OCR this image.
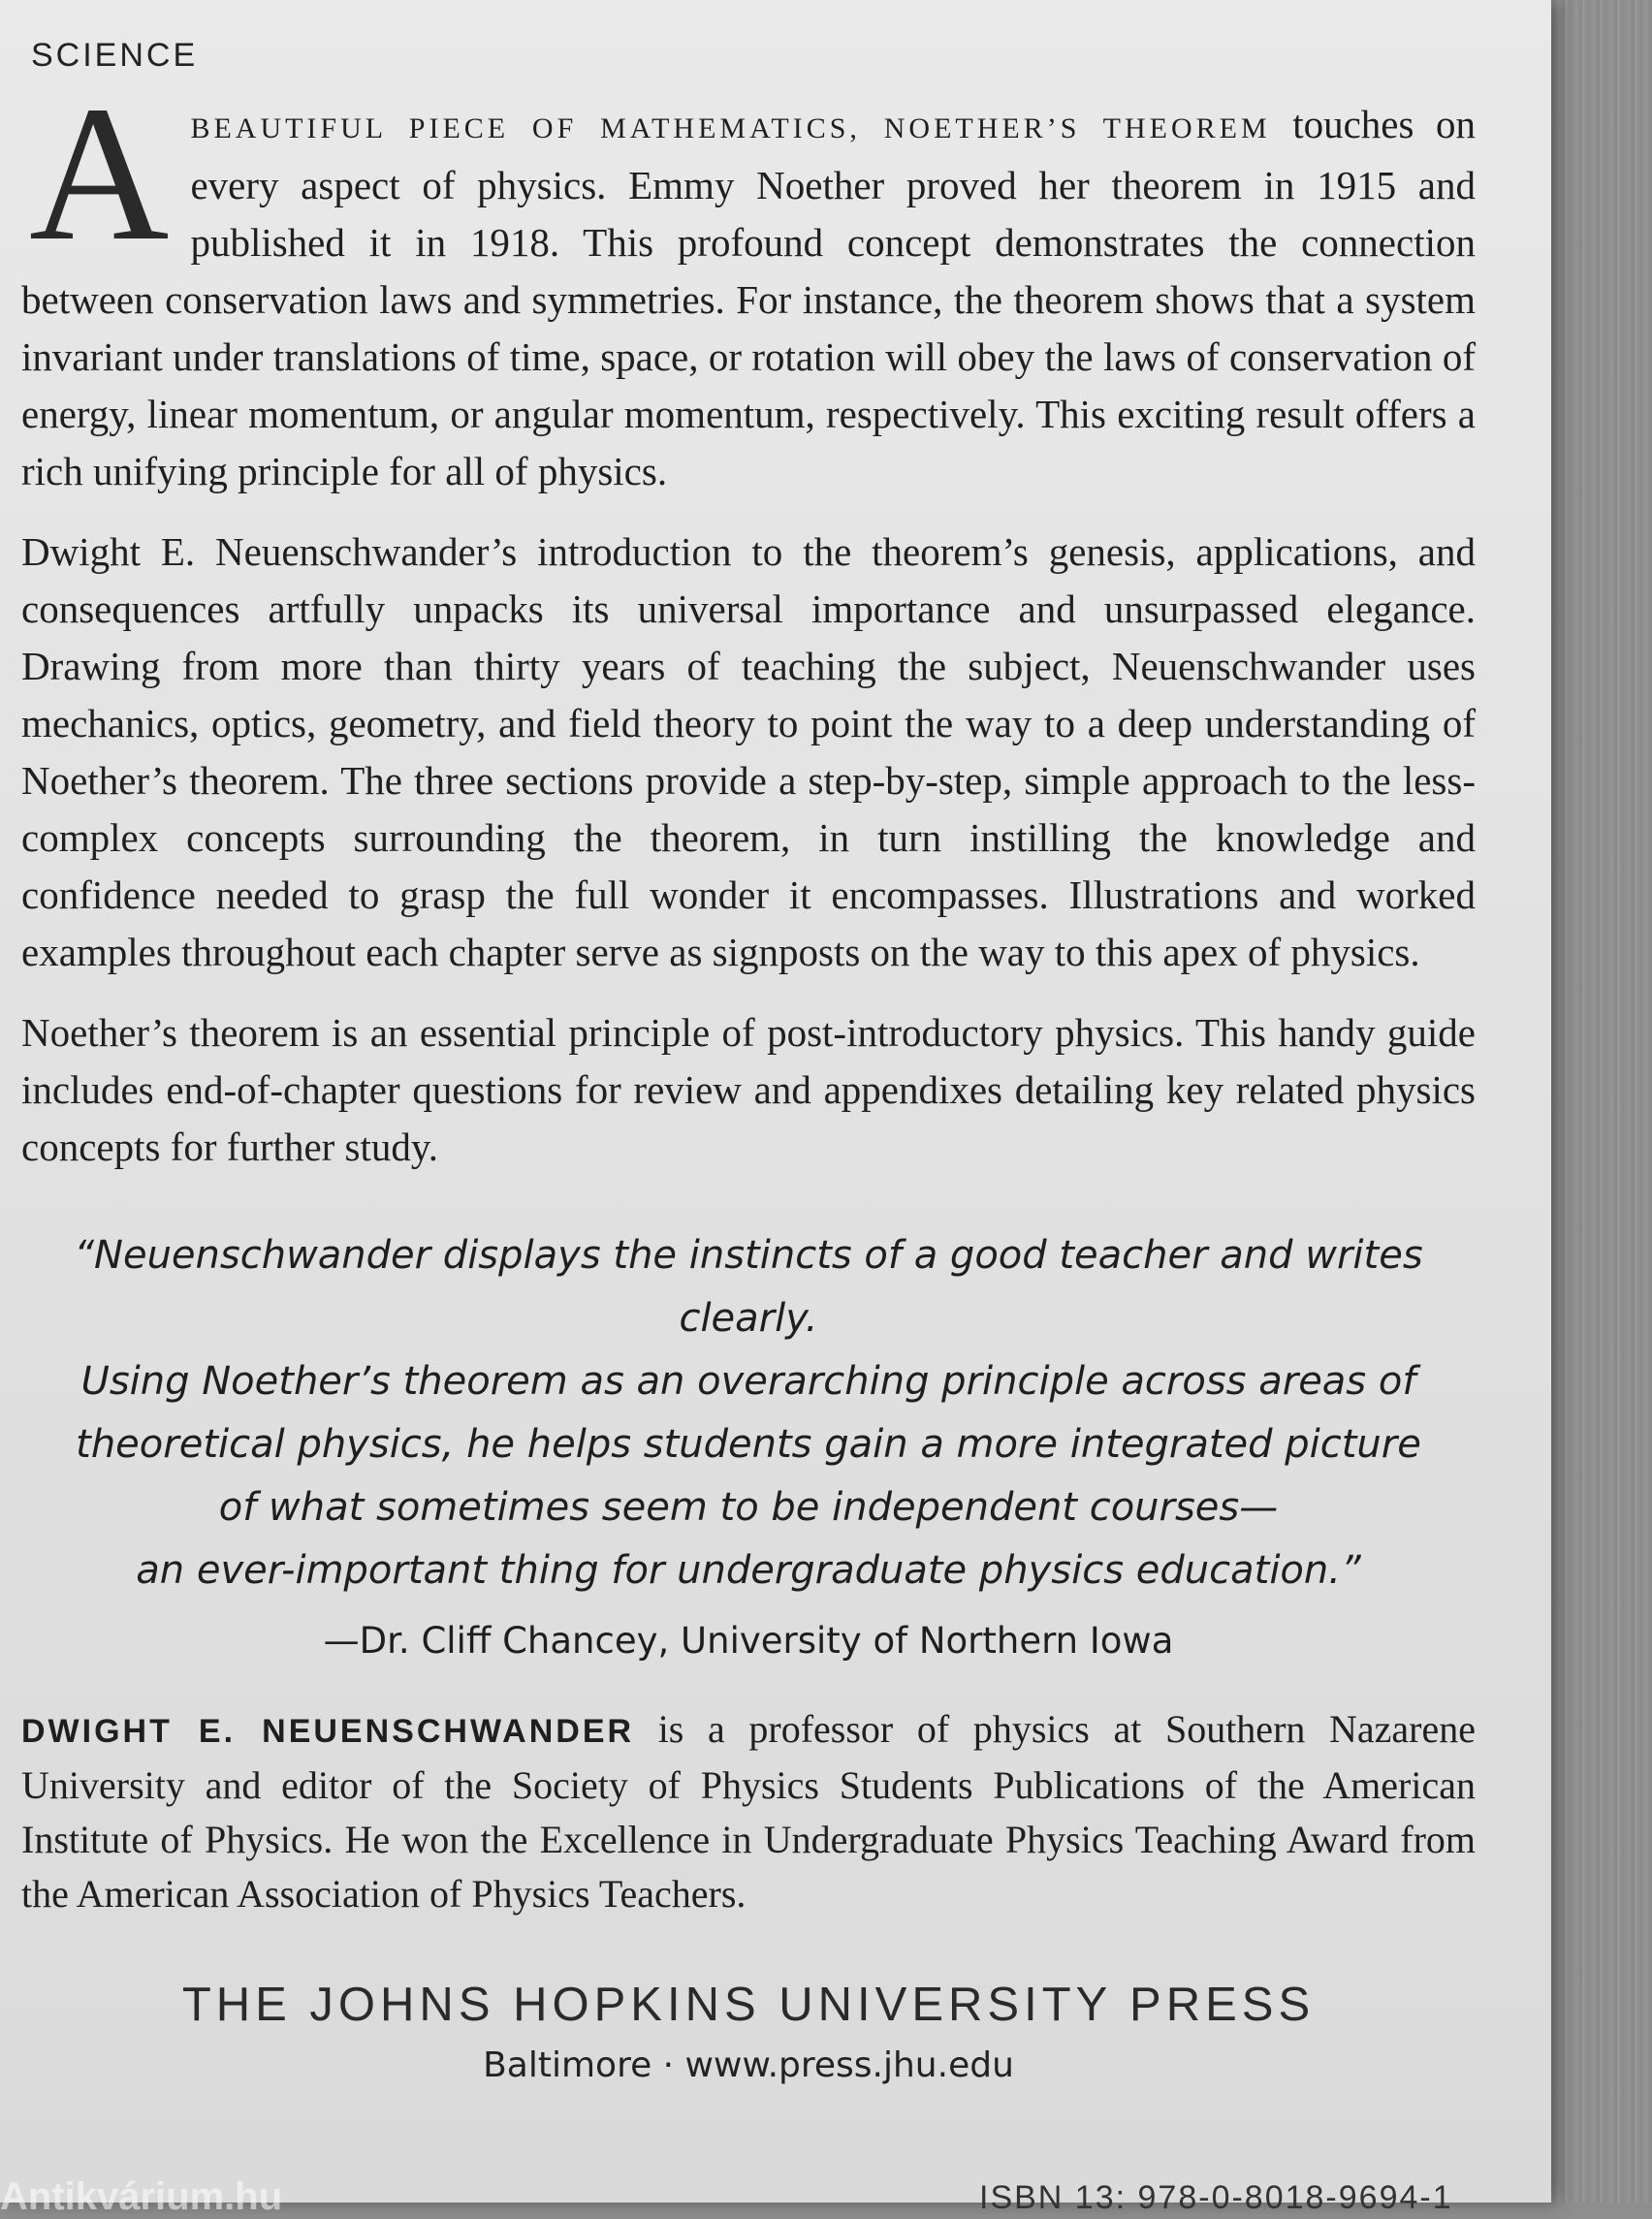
SCIENCE

A BEAUTIFUL PIECE OF MATHEMATICS, NOETHER’S THEOREM touches on every aspect of physics. Emmy Noether proved her theorem in 1915 and published it in 1918. This profound concept demonstrates the connection between conservation laws and symmetries. For instance, the theorem shows that a system invariant under translations of time, space, or rotation will obey the laws of conservation of energy, linear momentum, or angular momentum, respectively. This exciting result offers a rich unifying principle for all of physics.

Dwight E. Neuenschwander’s introduction to the theorem’s genesis, applications, and consequences artfully unpacks its universal importance and unsurpassed elegance. Drawing from more than thirty years of teaching the subject, Neuenschwander uses mechanics, optics, geometry, and field theory to point the way to a deep understanding of Noether’s theorem. The three sections provide a step-by-step, simple approach to the less-complex concepts surrounding the theorem, in turn instilling the knowledge and confidence needed to grasp the full wonder it encompasses. Illustrations and worked examples throughout each chapter serve as signposts on the way to this apex of physics.

Noether’s theorem is an essential principle of post-introductory physics. This handy guide includes end-of-chapter questions for review and appendixes detailing key related physics concepts for further study.

“Neuenschwander displays the instincts of a good teacher and writes clearly.
Using Noether’s theorem as an overarching principle across areas of
theoretical physics, he helps students gain a more integrated picture
of what sometimes seem to be independent courses—
an ever-important thing for undergraduate physics education.”
—Dr. Cliff Chancey, University of Northern Iowa

DWIGHT E. NEUENSCHWANDER is a professor of physics at Southern Nazarene University and editor of the Society of Physics Students Publications of the American Institute of Physics. He won the Excellence in Undergraduate Physics Teaching Award from the American Association of Physics Teachers.

THE JOHNS HOPKINS UNIVERSITY PRESS
Baltimore · www.press.jhu.edu
Antikvárium.hu	ISBN 13: 978-0-8018-9694-1
